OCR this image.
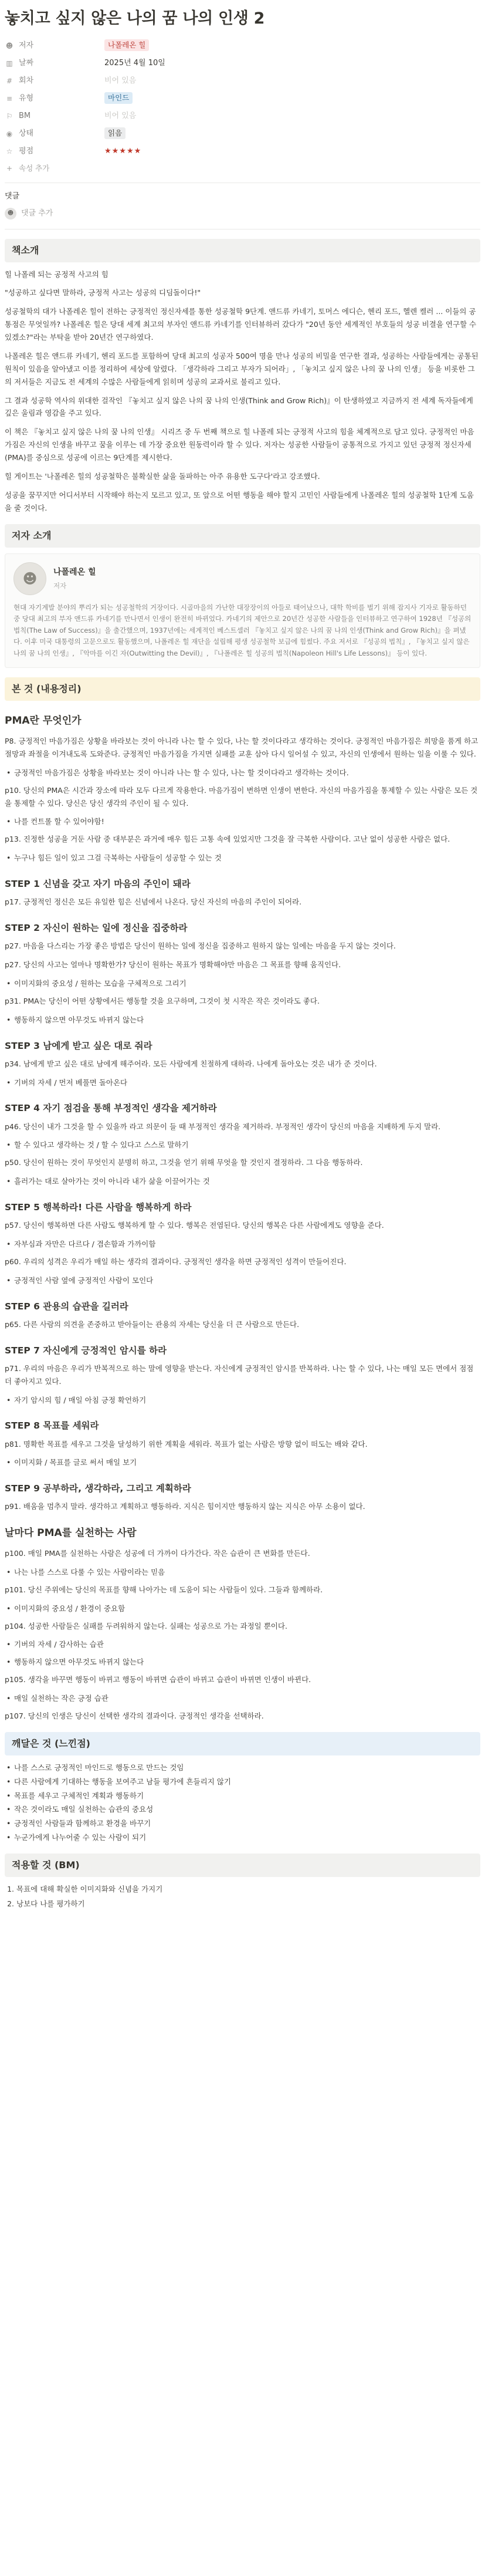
놓치고 싶지 않은 나의 꿈 나의 인생 2
☻ 저자	나폴레온 힐
▥ 날짜	2025년 4월 10일
# 회차	비어 있음
≡ 유형	마인드
⚐ BM	비어 있음
◉ 상태	읽음
☆ 평점	★★★★★
+ 속성 추가
댓글
☻ 댓글 추가
책소개

힐 나폴레 되는 공정적 사고의 힘

"성공하고 싶다면 말하라, 긍정적 사고는 성공의 디딤돌이다!"

성공철학의 대가 나폴레온 힐이 전하는 긍정적인 정신자세를 통한 성공철학 9단계. 앤드류 카네기, 토머스 에디슨, 헨리 포드, 헬렌 켈러 ... 이들의 공통점은 무엇일까? 나폴레온 힐은 당대 세계 최고의 부자인 앤드류 카네기를 인터뷰하러 갔다가 "20년 동안 세계적인 부호들의 성공 비결을 연구할 수 있겠소?"라는 부탁을 받아 20년간 연구하였다.

나폴레온 힐은 앤드류 카네기, 헨리 포드를 포함하여 당대 최고의 성공자 500여 명을 만나 성공의 비밀을 연구한 결과, 성공하는 사람들에게는 공통된 원칙이 있음을 알아냈고 이를 정리하여 세상에 알렸다. 「생각하라 그리고 부자가 되어라」, 「놓치고 싶지 않은 나의 꿈 나의 인생」 등을 비롯한 그의 저서들은 지금도 전 세계의 수많은 사람들에게 읽히며 성공의 교과서로 불리고 있다.

그 결과 성공학 역사의 위대한 걸작인 『놓치고 싶지 않은 나의 꿈 나의 인생(Think and Grow Rich)』이 탄생하였고 지금까지 전 세계 독자들에게 깊은 울림과 영감을 주고 있다.

이 책은 『놓치고 싶지 않은 나의 꿈 나의 인생』 시리즈 중 두 번째 책으로 힐 나폴레 되는 긍정적 사고의 힘을 체계적으로 담고 있다. 긍정적인 마음가짐은 자신의 인생을 바꾸고 꿈을 이루는 데 가장 중요한 원동력이라 할 수 있다. 저자는 성공한 사람들이 공통적으로 가지고 있던 긍정적 정신자세(PMA)를 중심으로 성공에 이르는 9단계를 제시한다.

힐 게이트는 '나폴레온 힐의 성공철학은 불확실한 삶을 돌파하는 아주 유용한 도구다'라고 강조했다.

성공을 꿈꾸지만 어디서부터 시작해야 하는지 모르고 있고, 또 앞으로 어떤 행동을 해야 할지 고민인 사람들에게 나폴레온 힐의 성공철학 1단계 도움을 줄 것이다.

저자 소개
☻	나폴레온 힐
저자
현대 자기계발 분야의 뿌리가 되는 성공철학의 거장이다. 시골마을의 가난한 대장장이의 아들로 태어났으나, 대학 학비를 벌기 위해 잡지사 기자로 활동하던 중 당대 최고의 부자 앤드류 카네기를 만나면서 인생이 완전히 바뀌었다. 카네기의 제안으로 20년간 성공한 사람들을 인터뷰하고 연구하여 1928년 『성공의 법칙(The Law of Success)』을 출간했으며, 1937년에는 세계적인 베스트셀러 『놓치고 싶지 않은 나의 꿈 나의 인생(Think and Grow Rich)』을 펴냈다. 이후 미국 대통령의 고문으로도 활동했으며, 나폴레온 힐 재단을 설립해 평생 성공철학 보급에 힘썼다. 주요 저서로 『성공의 법칙』, 『놓치고 싶지 않은 나의 꿈 나의 인생』, 『악마를 이긴 자(Outwitting the Devil)』, 『나폴레온 힐 성공의 법칙(Napoleon Hill's Life Lessons)』 등이 있다.
본 것 (내용정리)
PMA란 무엇인가

P8. 긍정적인 마음가짐은 상황을 바라보는 것이 아니라 나는 할 수 있다, 나는 할 것이다라고 생각하는 것이다. 긍정적인 마음가짐은 희망을 품게 하고 절망과 좌절을 이겨내도록 도와준다. 긍정적인 마음가짐을 가지면 실패를 교훈 삼아 다시 일어설 수 있고, 자신의 인생에서 원하는 일을 이룰 수 있다.

• 긍정적인 마음가짐은 상황을 바라보는 것이 아니라 나는 할 수 있다, 나는 할 것이다라고 생각하는 것이다.

p10. 당신의 PMA은 시간과 장소에 따라 모두 다르게 작용한다. 마음가짐이 변하면 인생이 변한다. 자신의 마음가짐을 통제할 수 있는 사람은 모든 것을 통제할 수 있다. 당신은 당신 생각의 주인이 될 수 있다.

• 나를 컨트롤 할 수 있어야함!

p13. 진정한 성공을 거둔 사람 중 대부분은 과거에 매우 힘든 고통 속에 있었지만 그것을 잘 극복한 사람이다. 고난 없이 성공한 사람은 없다.

• 누구나 힘든 일이 있고 그걸 극복하는 사람들이 성공할 수 있는 것
STEP 1 신념을 갖고 자기 마음의 주인이 돼라

p17. 긍정적인 정신은 모든 유일한 힘은 신념에서 나온다. 당신 자신의 마음의 주인이 되어라.

STEP 2 자신이 원하는 일에 정신을 집중하라

p27. 마음을 다스리는 가장 좋은 방법은 당신이 원하는 일에 정신을 집중하고 원하지 않는 일에는 마음을 두지 않는 것이다.

p27. 당신의 사고는 얼마나 명확한가? 당신이 원하는 목표가 명확해야만 마음은 그 목표를 향해 움직인다.

• 이미지화의 중요성 / 원하는 모습을 구체적으로 그리기

p31. PMA는 당신이 어떤 상황에서든 행동할 것을 요구하며, 그것이 첫 시작은 작은 것이라도 좋다.

• 행동하지 않으면 아무것도 바뀌지 않는다
STEP 3 남에게 받고 싶은 대로 줘라

p34. 남에게 받고 싶은 대로 남에게 해주어라. 모든 사람에게 친절하게 대하라. 나에게 돌아오는 것은 내가 준 것이다.

• 기버의 자세 / 먼저 베풀면 돌아온다
STEP 4 자기 점검을 통해 부정적인 생각을 제거하라

p46. 당신이 내가 그것을 할 수 있을까 라고 의문이 들 때 부정적인 생각을 제거하라. 부정적인 생각이 당신의 마음을 지배하게 두지 말라.

• 할 수 있다고 생각하는 것 / 할 수 있다고 스스로 말하기

p50. 당신이 원하는 것이 무엇인지 분명히 하고, 그것을 얻기 위해 무엇을 할 것인지 결정하라. 그 다음 행동하라.

• 흘러가는 대로 살아가는 것이 아니라 내가 삶을 이끌어가는 것
STEP 5 행복하라! 다른 사람을 행복하게 하라

p57. 당신이 행복하면 다른 사람도 행복하게 할 수 있다. 행복은 전염된다. 당신의 행복은 다른 사람에게도 영향을 준다.

• 자부심과 자만은 다르다 / 겸손함과 가까이함

p60. 우리의 성격은 우리가 매일 하는 생각의 결과이다. 긍정적인 생각을 하면 긍정적인 성격이 만들어진다.

• 긍정적인 사람 옆에 긍정적인 사람이 모인다
STEP 6 관용의 습관을 길러라

p65. 다른 사람의 의견을 존중하고 받아들이는 관용의 자세는 당신을 더 큰 사람으로 만든다.

STEP 7 자신에게 긍정적인 암시를 하라

p71. 우리의 마음은 우리가 반복적으로 하는 말에 영향을 받는다. 자신에게 긍정적인 암시를 반복하라. 나는 할 수 있다, 나는 매일 모든 면에서 점점 더 좋아지고 있다.

• 자기 암시의 힘 / 매일 아침 긍정 확언하기
STEP 8 목표를 세워라

p81. 명확한 목표를 세우고 그것을 달성하기 위한 계획을 세워라. 목표가 없는 사람은 방향 없이 떠도는 배와 같다.

• 이미지화 / 목표를 글로 써서 매일 보기
STEP 9 공부하라, 생각하라, 그리고 계획하라

p91. 배움을 멈추지 말라. 생각하고 계획하고 행동하라. 지식은 힘이지만 행동하지 않는 지식은 아무 소용이 없다.

날마다 PMA를 실천하는 사람

p100. 매일 PMA를 실천하는 사람은 성공에 더 가까이 다가간다. 작은 습관이 큰 변화를 만든다.

• 나는 나를 스스로 다룰 수 있는 사람이라는 믿음

p101. 당신 주위에는 당신의 목표를 향해 나아가는 데 도움이 되는 사람들이 있다. 그들과 함께하라.

• 이미지화의 중요성 / 환경이 중요함

p104. 성공한 사람들은 실패를 두려워하지 않는다. 실패는 성공으로 가는 과정일 뿐이다.

• 기버의 자세 / 감사하는 습관
• 행동하지 않으면 아무것도 바뀌지 않는다

p105. 생각을 바꾸면 행동이 바뀌고 행동이 바뀌면 습관이 바뀌고 습관이 바뀌면 인생이 바뀐다.

• 매일 실천하는 작은 긍정 습관

p107. 당신의 인생은 당신이 선택한 생각의 결과이다. 긍정적인 생각을 선택하라.

깨달은 것 (느낀점)
• 나를 스스로 긍정적인 마인드로 행동으로 만드는 것임
• 다른 사람에게 기대하는 행동을 보여주고 남들 평가에 흔들리지 않기
• 목표를 세우고 구체적인 계획과 행동하기
• 작은 것이라도 매일 실천하는 습관의 중요성
• 긍정적인 사람들과 함께하고 환경을 바꾸기
• 누군가에게 나누어줄 수 있는 사람이 되기
적용할 것 (BM)
1. 목표에 대해 확실한 이미지화와 신념을 가지기
2. 낭보다 나를 평가하기
